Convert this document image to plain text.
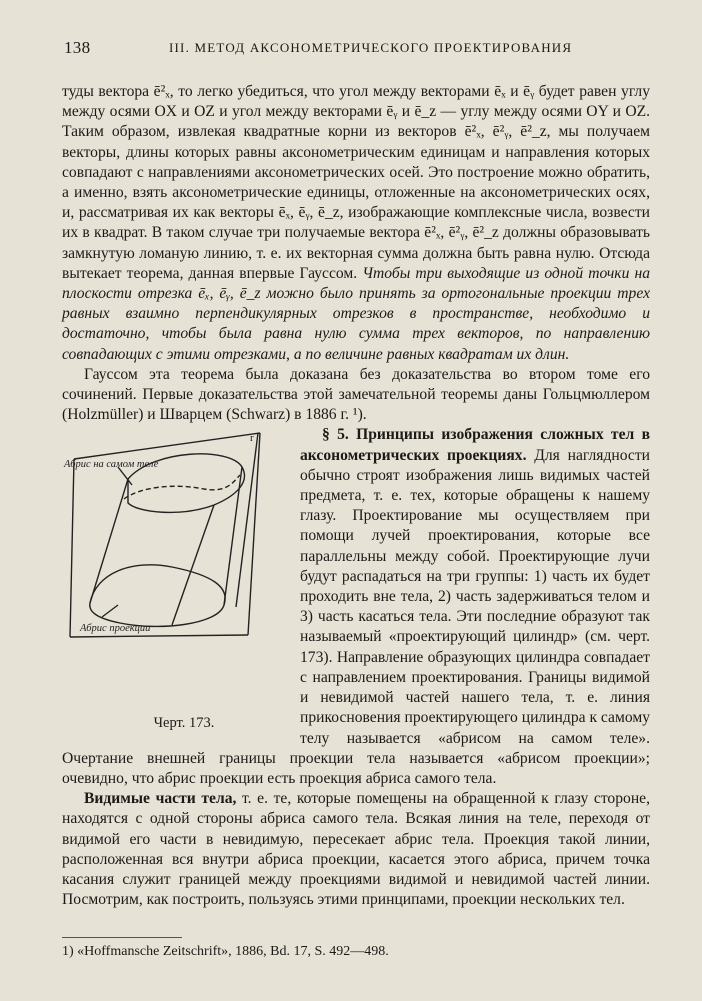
138	III. МЕТОД АКСОНОМЕТРИЧЕСКОГО ПРОЕКТИРОВАНИЯ

туды вектора ē²ₓ, то легко убедиться, что угол между векторами ēₓ и ēᵧ будет равен углу между осями OX и OZ и угол между векторами ēᵧ и ē_z — углу между осями OY и OZ. Таким образом, извлекая квадратные корни из векторов ē²ₓ, ē²ᵧ, ē²_z, мы получаем векторы, длины которых равны аксонометрическим единицам и направления которых совпадают с направлениями аксонометрических осей. Это построение можно обратить, а именно, взять аксонометрические единицы, отложенные на аксонометрических осях, и, рассматривая их как векторы ēₓ, ēᵧ, ē_z, изображающие комплексные числа, возвести их в квадрат. В таком случае три получаемые вектора ē²ₓ, ē²ᵧ, ē²_z должны образовывать замкнутую ломаную линию, т. е. их векторная сумма должна быть равна нулю. Отсюда вытекает теорема, данная впервые Гауссом. Чтобы три выходящие из одной точки на плоскости отрезка ēₓ, ēᵧ, ē_z можно было принять за ортогональные проекции трех равных взаимно перпендикулярных отрезков в пространстве, необходимо и достаточно, чтобы была равна нулю сумма трех векторов, по направлению совпадающих с этими отрезками, а по величине равных квадратам их длин.

Гауссом эта теорема была доказана без доказательства во втором томе его сочинений. Первые доказательства этой замечательной теоремы даны Гольцмюллером (Holzmüller) и Шварцем (Schwarz) в 1886 г. ¹).

Абрис на самом теле
Абрис проекции
r
Черт. 173.
§ 5. Принципы изображения сложных тел в аксонометрических проекциях. Для наглядности обычно строят изображения лишь видимых частей предмета, т. е. тех, которые обращены к нашему глазу. Проектирование мы осуществляем при помощи лучей проектирования, которые все параллельны между собой. Проектирующие лучи будут распадаться на три группы: 1) часть их будет проходить вне тела, 2) часть задерживаться телом и 3) часть касаться тела. Эти последние образуют так называемый «проектирующий цилиндр» (см. черт. 173). Направление образующих цилиндра совпадает с направлением проектирования. Границы видимой и невидимой частей нашего тела, т. е. линия прикосновения проектирующего цилиндра к самому телу называется «абрисом на самом теле». Очертание внешней границы проекции тела называется «абрисом проекции»; очевидно, что абрис проекции есть проекция абриса самого тела.

Видимые части тела, т. е. те, которые помещены на обращенной к глазу стороне, находятся с одной стороны абриса самого тела. Всякая линия на теле, переходя от видимой его части в невидимую, пересекает абрис тела. Проекция такой линии, расположенная вся внутри абриса проекции, касается этого абриса, причем точка касания служит границей между проекциями видимой и невидимой частей линии. Посмотрим, как построить, пользуясь этими принципами, проекции нескольких тел.

1) «Hoffmansche Zeitschrift», 1886, Bd. 17, S. 492—498.
